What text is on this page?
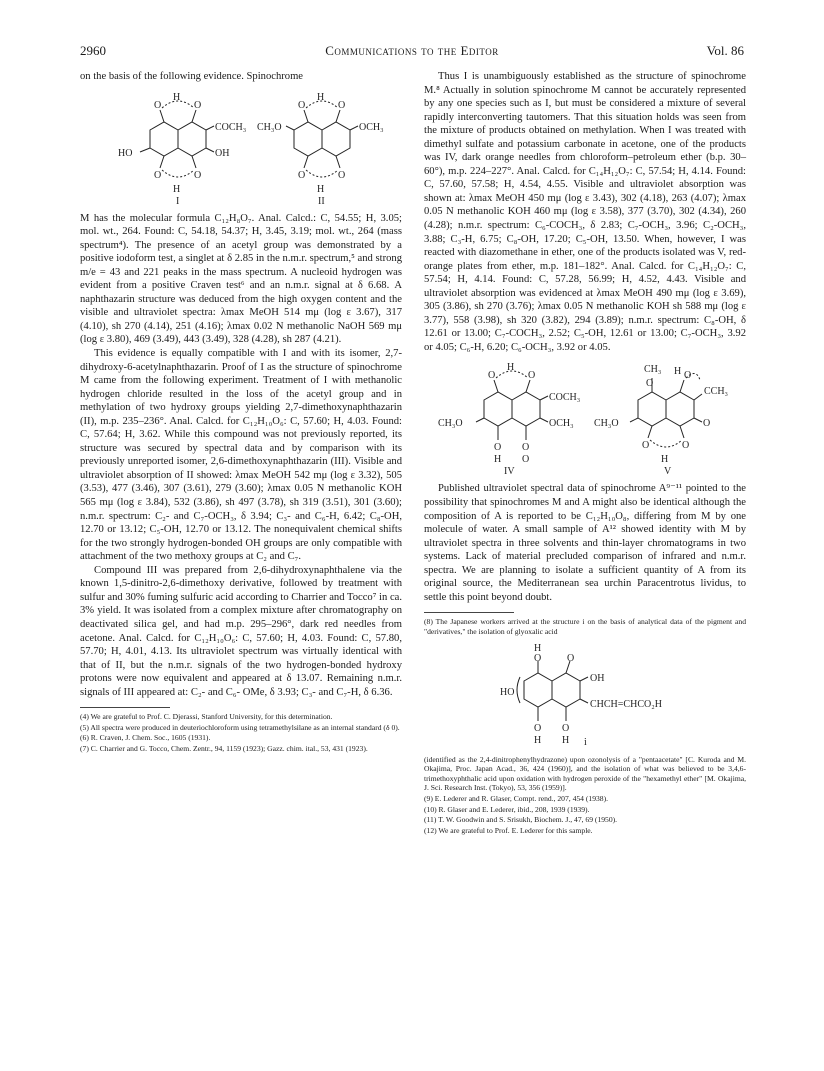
2960	Communications to the Editor	Vol. 86

on the basis of the following evidence. Spinochrome

O
H
O
O
H
O
COCH₃
OH
HO
O
H
O
O
H
O
CH₃O	OCH₃
I	II

M has the molecular formula C₁₂H₈O₇. Anal. Calcd.: C, 54.55; H, 3.05; mol. wt., 264. Found: C, 54.18, 54.37; H, 3.45, 3.19; mol. wt., 264 (mass spectrum⁴). The presence of an acetyl group was demonstrated by a positive iodoform test, a singlet at δ 2.85 in the n.m.r. spectrum,⁵ and strong m/e = 43 and 221 peaks in the mass spectrum. A nucleoid hydrogen was evident from a positive Craven test⁶ and an n.m.r. signal at δ 6.68. A naphthazarin structure was deduced from the high oxygen content and the visible and ultraviolet spectra: λmax MeOH 514 mμ (log ε 3.67), 317 (4.10), sh 270 (4.14), 251 (4.16); λmax 0.02 N methanolic NaOH 569 mμ (log ε 3.80), 469 (3.49), 443 (3.49), 328 (4.28), sh 287 (4.21).

This evidence is equally compatible with I and with its isomer, 2,7-dihydroxy-6-acetylnaphthazarin. Proof of I as the structure of spinochrome M came from the following experiment. Treatment of I with methanolic hydrogen chloride resulted in the loss of the acetyl group and in methylation of two hydroxy groups yielding 2,7-dimethoxynaphthazarin (II), m.p. 235–236°. Anal. Calcd. for C₁₂H₁₀O₆: C, 57.60; H, 4.03. Found: C, 57.64; H, 3.62. While this compound was not previously reported, its structure was secured by spectral data and by comparison with its previously unreported isomer, 2,6-dimethoxynaphthazarin (III). Visible and ultraviolet absorption of II showed: λmax MeOH 542 mμ (log ε 3.32), 505 (3.53), 477 (3.46), 307 (3.61), 279 (3.60); λmax 0.05 N methanolic KOH 565 mμ (log ε 3.84), 532 (3.86), sh 497 (3.78), sh 319 (3.51), 301 (3.60); n.m.r. spectrum: C₂- and C₇-OCH₃, δ 3.94; C₃- and C₆-H, 6.42; C₈-OH, 12.70 or 13.12; C₅-OH, 12.70 or 13.12. The nonequivalent chemical shifts for the two strongly hydrogen-bonded OH groups are only compatible with attachment of the two methoxy groups at C₂ and C₇.

Compound III was prepared from 2,6-dihydroxynaphthalene via the known 1,5-dinitro-2,6-dimethoxy derivative, followed by treatment with sulfur and 30% fuming sulfuric acid according to Charrier and Tocco⁷ in ca. 3% yield. It was isolated from a complex mixture after chromatography on deactivated silica gel, and had m.p. 295–296°, dark red needles from acetone. Anal. Calcd. for C₁₂H₁₀O₆: C, 57.60; H, 4.03. Found: C, 57.80, 57.70; H, 4.01, 4.13. Its ultraviolet spectrum was virtually identical with that of II, but the n.m.r. signals of the two hydrogen-bonded hydroxy protons were now equivalent and appeared at δ 13.07. Remaining n.m.r. signals of III appeared at: C₂- and C₆- OMe, δ 3.93; C₃- and C₇-H, δ 6.36.

(4) We are grateful to Prof. C. Djerassi, Stanford University, for this determination.

(5) All spectra were produced in deuteriochloroform using tetramethylsilane as an internal standard (δ 0).

(6) R. Craven, J. Chem. Soc., 1605 (1931).

(7) C. Charrier and G. Tocco, Chem. Zentr., 94, 1159 (1923); Gazz. chim. ital., 53, 431 (1923).

Thus I is unambiguously established as the structure of spinochrome M.⁸ Actually in solution spinochrome M cannot be accurately represented by any one species such as I, but must be considered a mixture of several rapidly interconverting tautomers. That this situation holds was seen from the mixture of products obtained on methylation. When I was treated with dimethyl sulfate and potassium carbonate in acetone, one of the products was IV, dark orange needles from chloroform–petroleum ether (b.p. 30–60°), m.p. 224–227°. Anal. Calcd. for C₁₄H₁₂O₇: C, 57.54; H, 4.14. Found: C, 57.60, 57.58; H, 4.54, 4.55. Visible and ultraviolet absorption was shown at: λmax MeOH 450 mμ (log ε 3.43), 302 (4.18), 263 (4.07); λmax 0.05 N methanolic KOH 460 mμ (log ε 3.58), 377 (3.70), 302 (4.34), 260 (4.28); n.m.r. spectrum: C₆-COCH₃, δ 2.83; C₇-OCH₃, 3.96; C₂-OCH₃, 3.88; C₃-H, 6.75; C₈-OH, 17.20; C₅-OH, 13.50. When, however, I was reacted with diazomethane in ether, one of the products isolated was V, red-orange plates from ether, m.p. 181–182°. Anal. Calcd. for C₁₄H₁₂O₇: C, 57.54; H, 4.14. Found: C, 57.28, 56.99; H, 4.52, 4.43. Visible and ultraviolet absorption was evidenced at λmax MeOH 490 mμ (log ε 3.69), 305 (3.86), sh 270 (3.76); λmax 0.05 N methanolic KOH sh 588 mμ (log ε 3.77), 558 (3.98), sh 320 (3.82), 294 (3.89); n.m.r. spectrum: C₈-OH, δ 12.61 or 13.00; C₇-COCH₃, 2.52; C₅-OH, 12.61 or 13.00; C₇-OCH₃, 3.92 or 4.05; C₆-H, 6.20; C₆-OCH₃, 3.92 or 4.05.

O
H
O
O O
H O
COCH₃
OCH₃
CH₃O
CH₃
O
H O
CCH₃
O
O
H
O
CH₃O
IV	V

Published ultraviolet spectral data of spinochrome A⁹⁻¹¹ pointed to the possibility that spinochromes M and A might also be identical although the composition of A is reported to be C₁₂H₁₀O₈, differing from M by one molecule of water. A small sample of A¹² showed identity with M by ultraviolet spectra in three solvents and thin-layer chromatograms in two systems. Lack of material precluded comparison of infrared and n.m.r. spectra. We are planning to isolate a sufficient quantity of A from its original source, the Mediterranean sea urchin Paracentrotus lividus, to settle this point beyond doubt.

(8) The Japanese workers arrived at the structure i on the basis of analytical data of the pigment and "derivatives," the isolation of glyoxalic acid

H
O	O
OH
CHCH=CHCO₂H
HO
O O
H H i

(identified as the 2,4-dinitrophenylhydrazone) upon ozonolysis of a "pentaacetate" [C. Kuroda and M. Okajima, Proc. Japan Acad., 36, 424 (1960)], and the isolation of what was believed to be 3,4,6-trimethoxyphthalic acid upon oxidation with hydrogen peroxide of the "hexamethyl ether" [M. Okajima, J. Sci. Research Inst. (Tokyo), 53, 356 (1959)].

(9) E. Lederer and R. Glaser, Compt. rend., 207, 454 (1938).

(10) R. Glaser and E. Lederer, ibid., 208, 1939 (1939).

(11) T. W. Goodwin and S. Srisukh, Biochem. J., 47, 69 (1950).

(12) We are grateful to Prof. E. Lederer for this sample.
